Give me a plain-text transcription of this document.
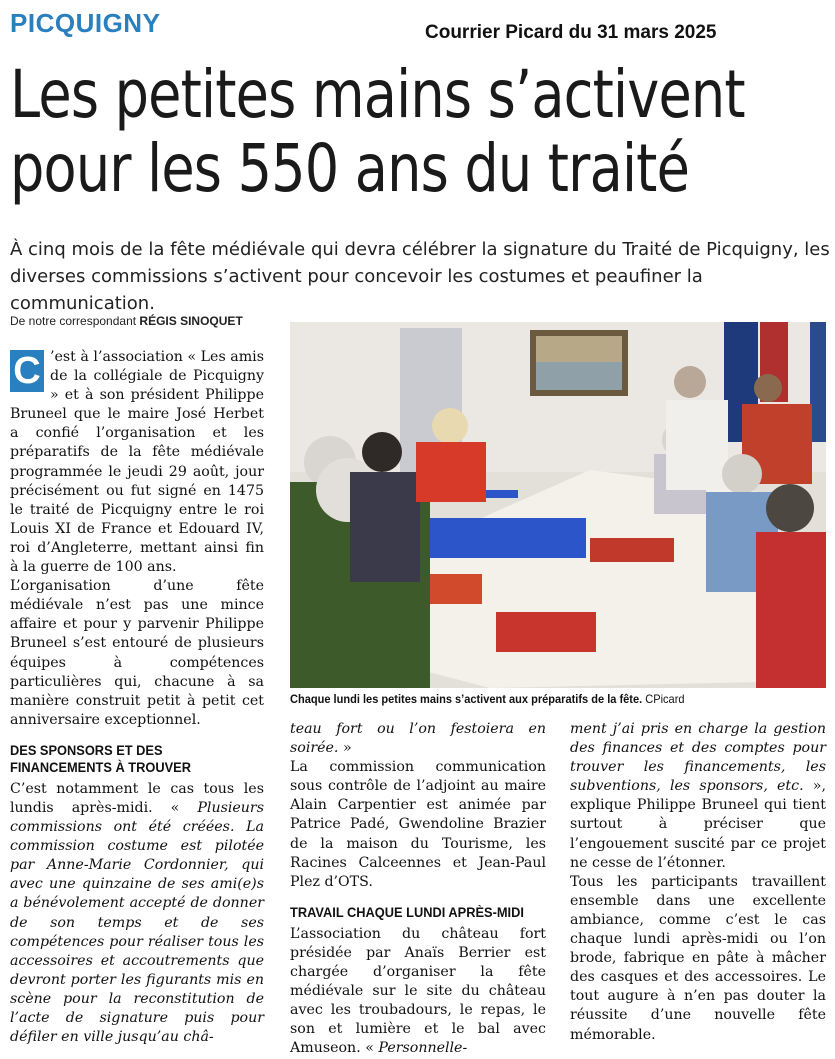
PICQUIGNY	Courrier Picard du 31 mars 2025
Les petites mains s’activent
pour les 550 ans du traité
À cinq mois de la fête médiévale qui devra célébrer la signature du Traité de Picquigny, les diverses commissions s’activent pour concevoir les costumes et peaufiner la communication.
De notre correspondant RÉGIS SINOQUET
Chaque lundi les petites mains s’activent aux préparatifs de la fête. CPicard

C ’est à l’association « Les amis de la collégiale de Picquigny » et à son président Philippe Bruneel que le maire José Herbet a confié l’organisation et les préparatifs de la fête médiévale programmée le jeudi 29 août, jour précisément ou fut signé en 1475 le traité de Picquigny entre le roi Louis XI de France et Edouard IV, roi d’Angleterre, mettant ainsi fin à la guerre de 100 ans.

L’organisation d’une fête médiévale n’est pas une mince affaire et pour y parvenir Philippe Bruneel s’est entouré de plusieurs équipes à compétences particulières qui, chacune à sa manière construit petit à petit cet anniversaire exceptionnel.

DES SPONSORS ET DES FINANCEMENTS À TROUVER

C’est notamment le cas tous les lundis après-midi. « Plusieurs commissions ont été créées. La commission costume est pilotée par Anne-Marie Cordonnier, qui avec une quinzaine de ses ami(e)s a bénévolement accepté de donner de son temps et de ses compétences pour réaliser tous les accessoires et accoutrements que devront porter les figurants mis en scène pour la reconstitution de l’acte de signature puis pour défiler en ville jusqu’au châ-

teau fort ou l’on festoiera en soirée. »

La commission communication sous contrôle de l’adjoint au maire Alain Carpentier est animée par Patrice Padé, Gwendoline Brazier de la maison du Tourisme, les Racines Calceennes et Jean-Paul Plez d’OTS.

TRAVAIL CHAQUE LUNDI APRÈS-MIDI

L’association du château fort présidée par Anaïs Berrier est chargée d’organiser la fête médiévale sur le site du château avec les troubadours, le repas, le son et lumière et le bal avec Amuseon. « Personnelle-

ment j’ai pris en charge la gestion des finances et des comptes pour trouver les financements, les subventions, les sponsors, etc. », explique Philippe Bruneel qui tient surtout à préciser que l’engouement suscité par ce projet ne cesse de l’étonner.

Tous les participants travaillent ensemble dans une excellente ambiance, comme c’est le cas chaque lundi après-midi ou l’on brode, fabrique en pâte à mâcher des casques et des accessoires. Le tout augure à n’en pas douter la réussite d’une nouvelle fête mémorable.
